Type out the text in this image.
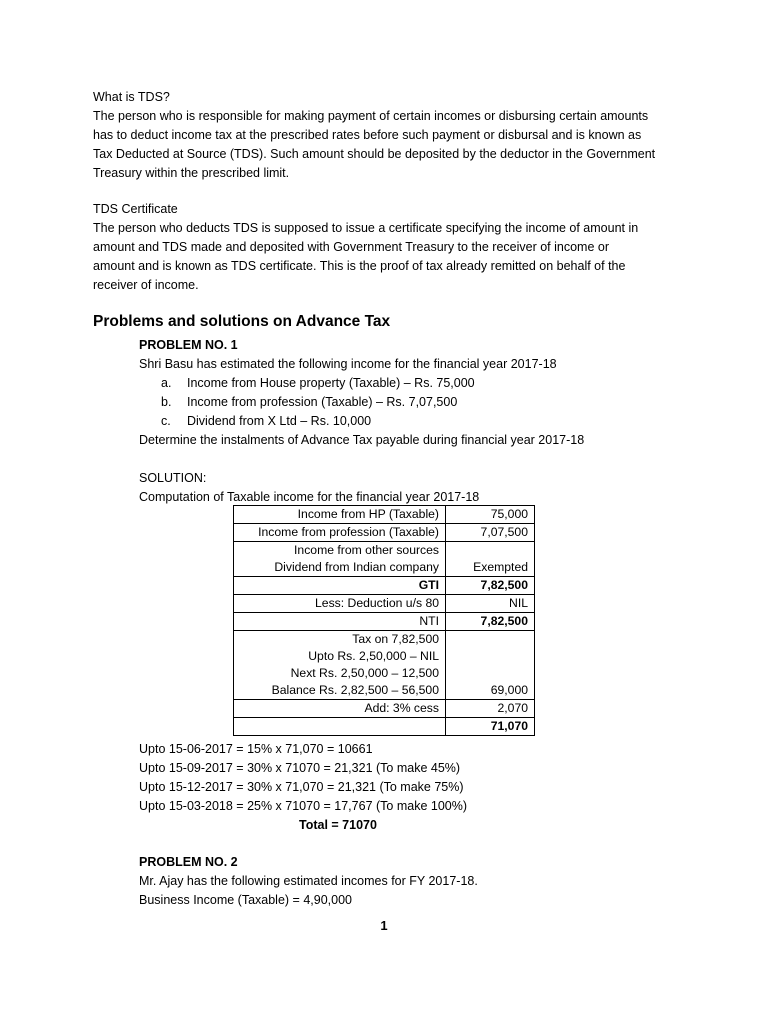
What is TDS?

The person who is responsible for making payment of certain incomes or disbursing certain amounts

has to deduct income tax at the prescribed rates before such payment or disbursal and is known as

Tax Deducted at Source (TDS). Such amount should be deposited by the deductor in the Government

Treasury within the prescribed limit.

TDS Certificate

The person who deducts TDS is supposed to issue a certificate specifying the income of amount in

amount and TDS made and deposited with Government Treasury to the receiver of income or

amount and is known as TDS certificate. This is the proof of tax already remitted on behalf of the

receiver of income.

Problems and solutions on Advance Tax
PROBLEM NO. 1
Shri Basu has estimated the following income for the financial year 2017-18
a. Income from House property (Taxable) – Rs. 75,000
b. Income from profession (Taxable) – Rs. 7,07,500
c. Dividend from X Ltd – Rs. 10,000
Determine the instalments of Advance Tax payable during financial year 2017-18
SOLUTION:
Computation of Taxable income for the financial year 2017-18
Income from HP (Taxable)	75,000
Income from profession (Taxable)	7,07,500

Income from other sources
Dividend from Indian company	Exempted
GTI	7,82,500
Less: Deduction u/s 80	NIL
NTI	7,82,500

Tax on 7,82,500
Upto Rs. 2,50,000 – NIL
Next Rs. 2,50,000 – 12,500
Balance Rs. 2,82,500 – 56,500	69,000
Add: 3% cess	2,070
	71,070
Upto 15-06-2017 = 15% x 71,070 = 10661
Upto 15-09-2017 = 30% x 71070 = 21,321 (To make 45%)
Upto 15-12-2017 = 30% x 71,070 = 21,321 (To make 75%)
Upto 15-03-2018 = 25% x 71070 = 17,767 (To make 100%)
Total = 71070
PROBLEM NO. 2
Mr. Ajay has the following estimated incomes for FY 2017-18.
Business Income (Taxable) = 4,90,000
1
